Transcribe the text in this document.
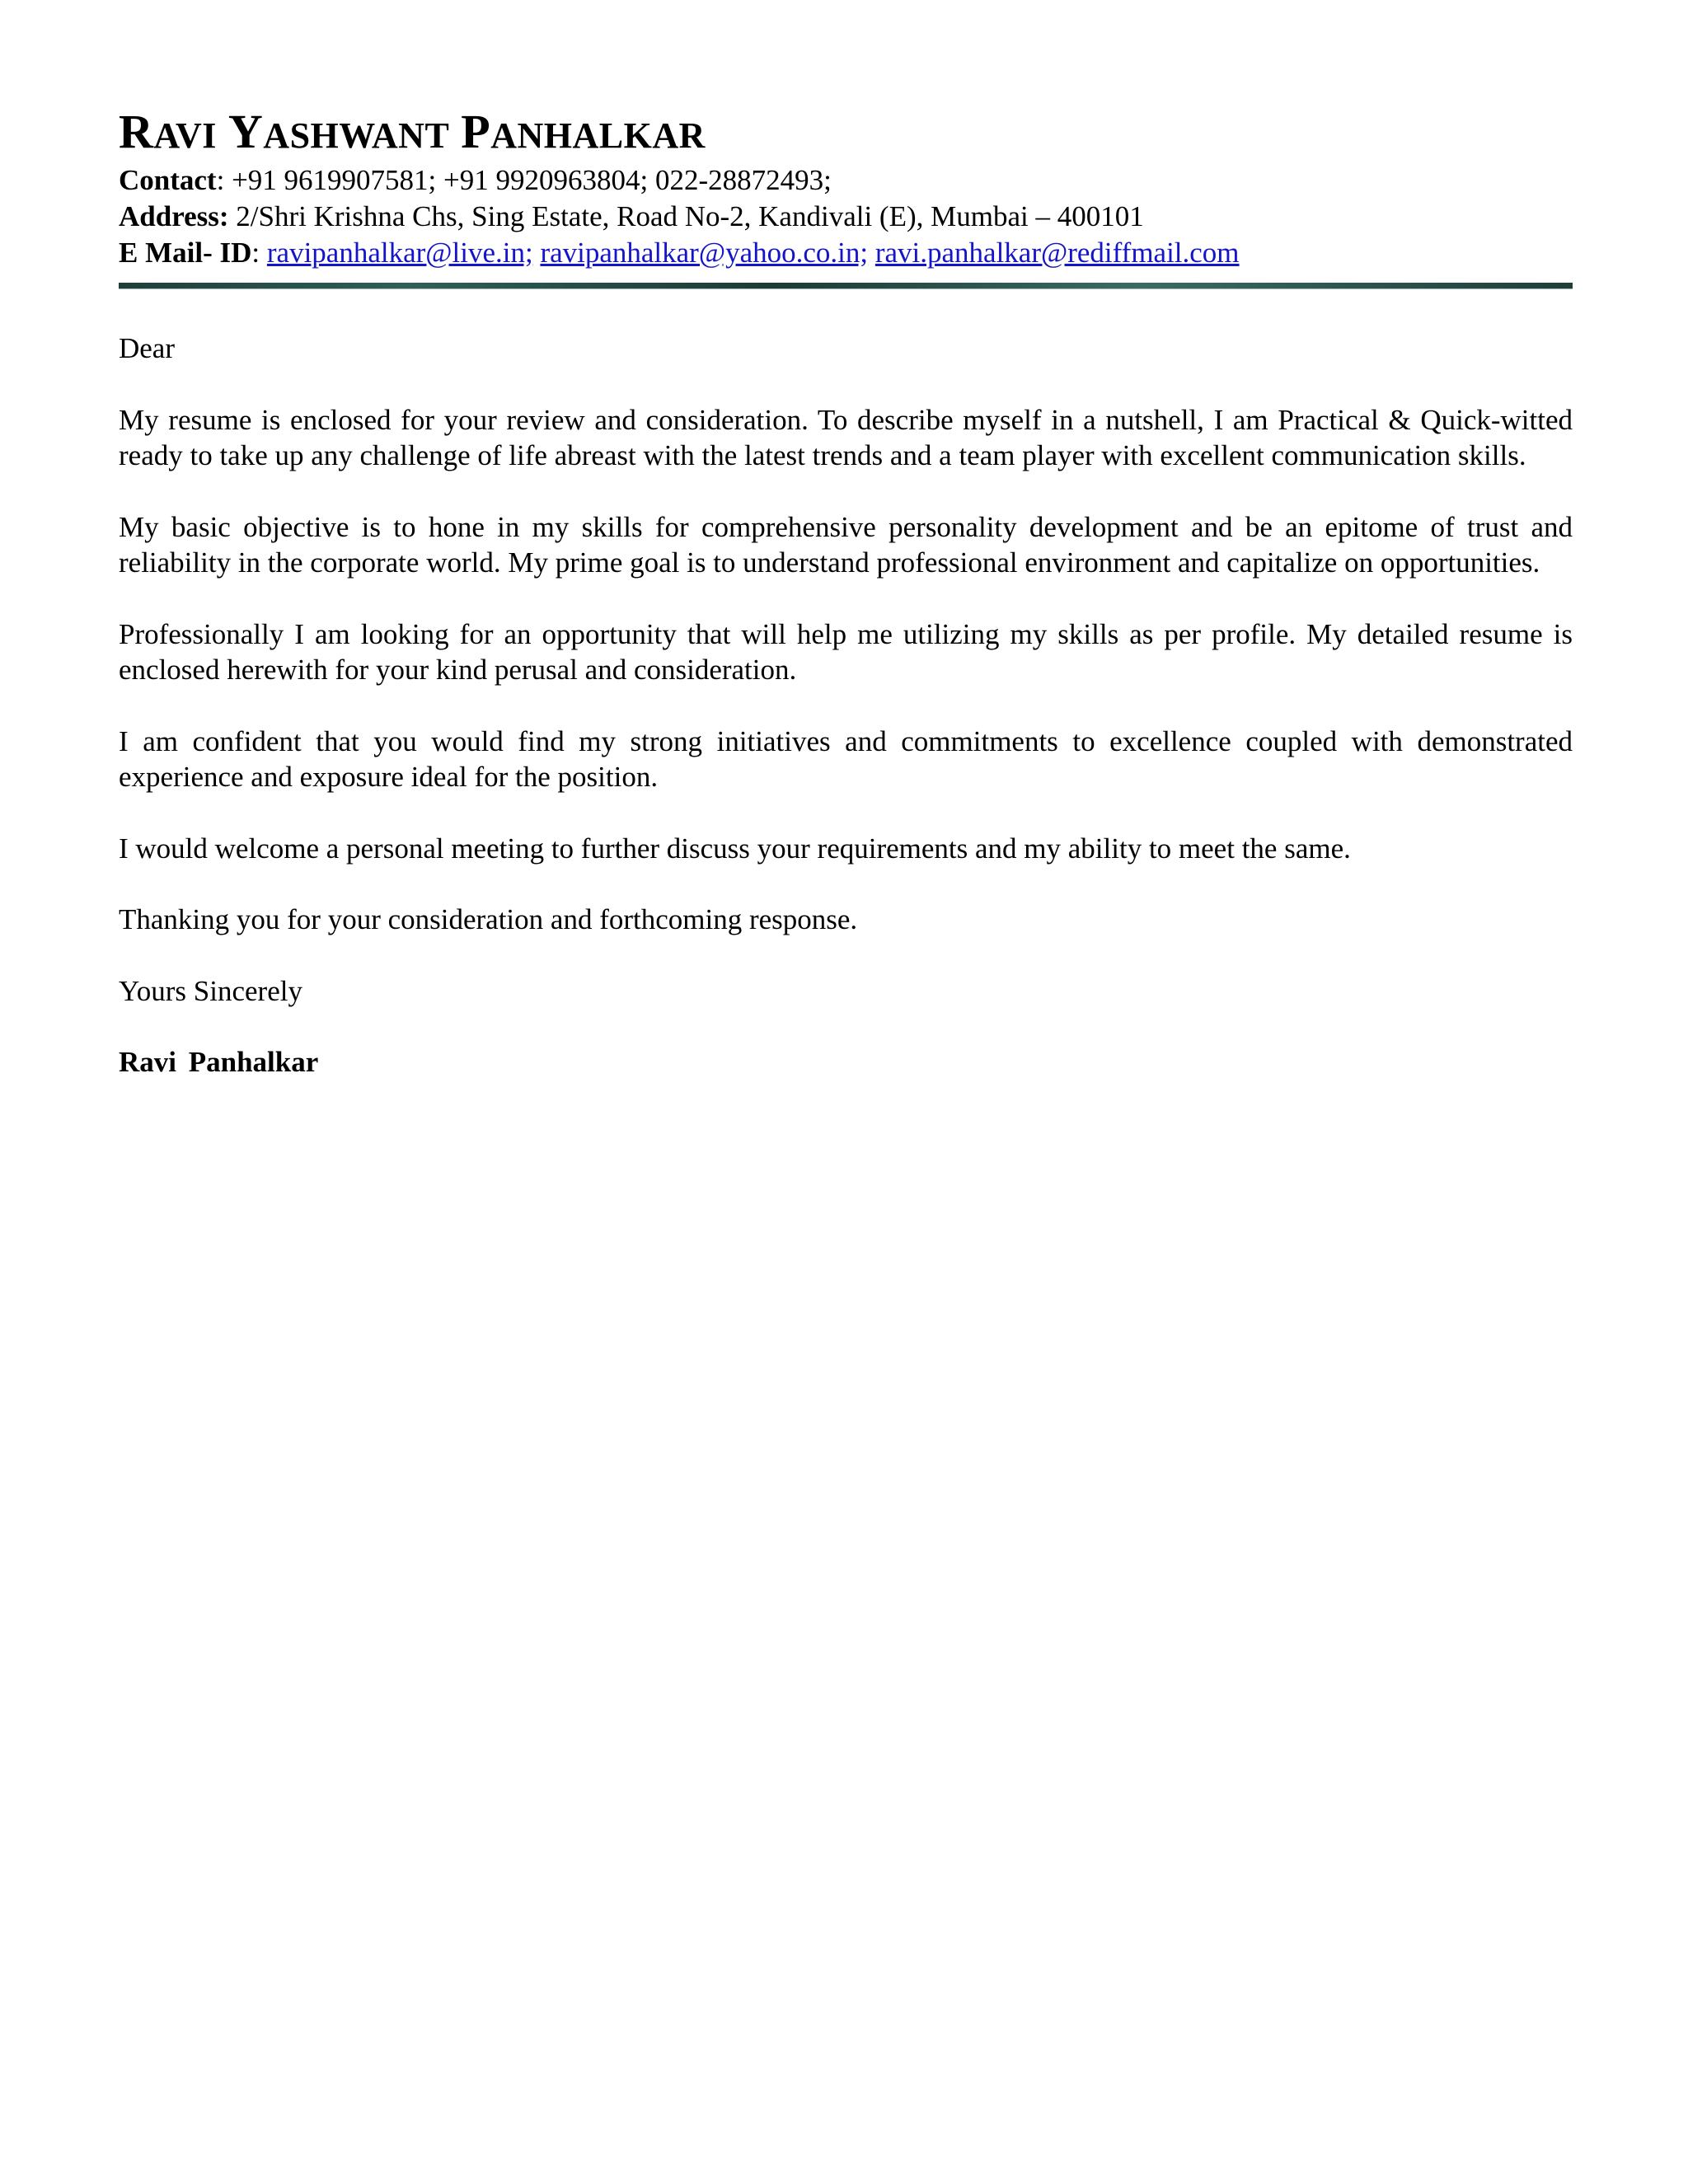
RAVI YASHWANT PANHALKAR

Contact: +91 9619907581; +91 9920963804; 022-28872493;

Address: 2/Shri Krishna Chs, Sing Estate, Road No-2, Kandivali (E), Mumbai – 400101

E Mail- ID: ravipanhalkar@live.in; ravipanhalkar@yahoo.co.in; ravi.panhalkar@rediffmail.com

Dear

My resume is enclosed for your review and consideration. To describe myself in a nutshell, I am Practical & Quick-witted ready to take up any challenge of life abreast with the latest trends and a team player with excellent communication skills.

My basic objective is to hone in my skills for comprehensive personality development and be an epitome of trust and reliability in the corporate world. My prime goal is to understand professional environment and capitalize on opportunities.

Professionally I am looking for an opportunity that will help me utilizing my skills as per profile. My detailed resume is enclosed herewith for your kind perusal and consideration.

I am confident that you would find my strong initiatives and commitments to excellence coupled with demonstrated experience and exposure ideal for the position.

I would welcome a personal meeting to further discuss your requirements and my ability to meet the same.

Thanking you for your consideration and forthcoming response.

Yours Sincerely

Ravi Panhalkar
